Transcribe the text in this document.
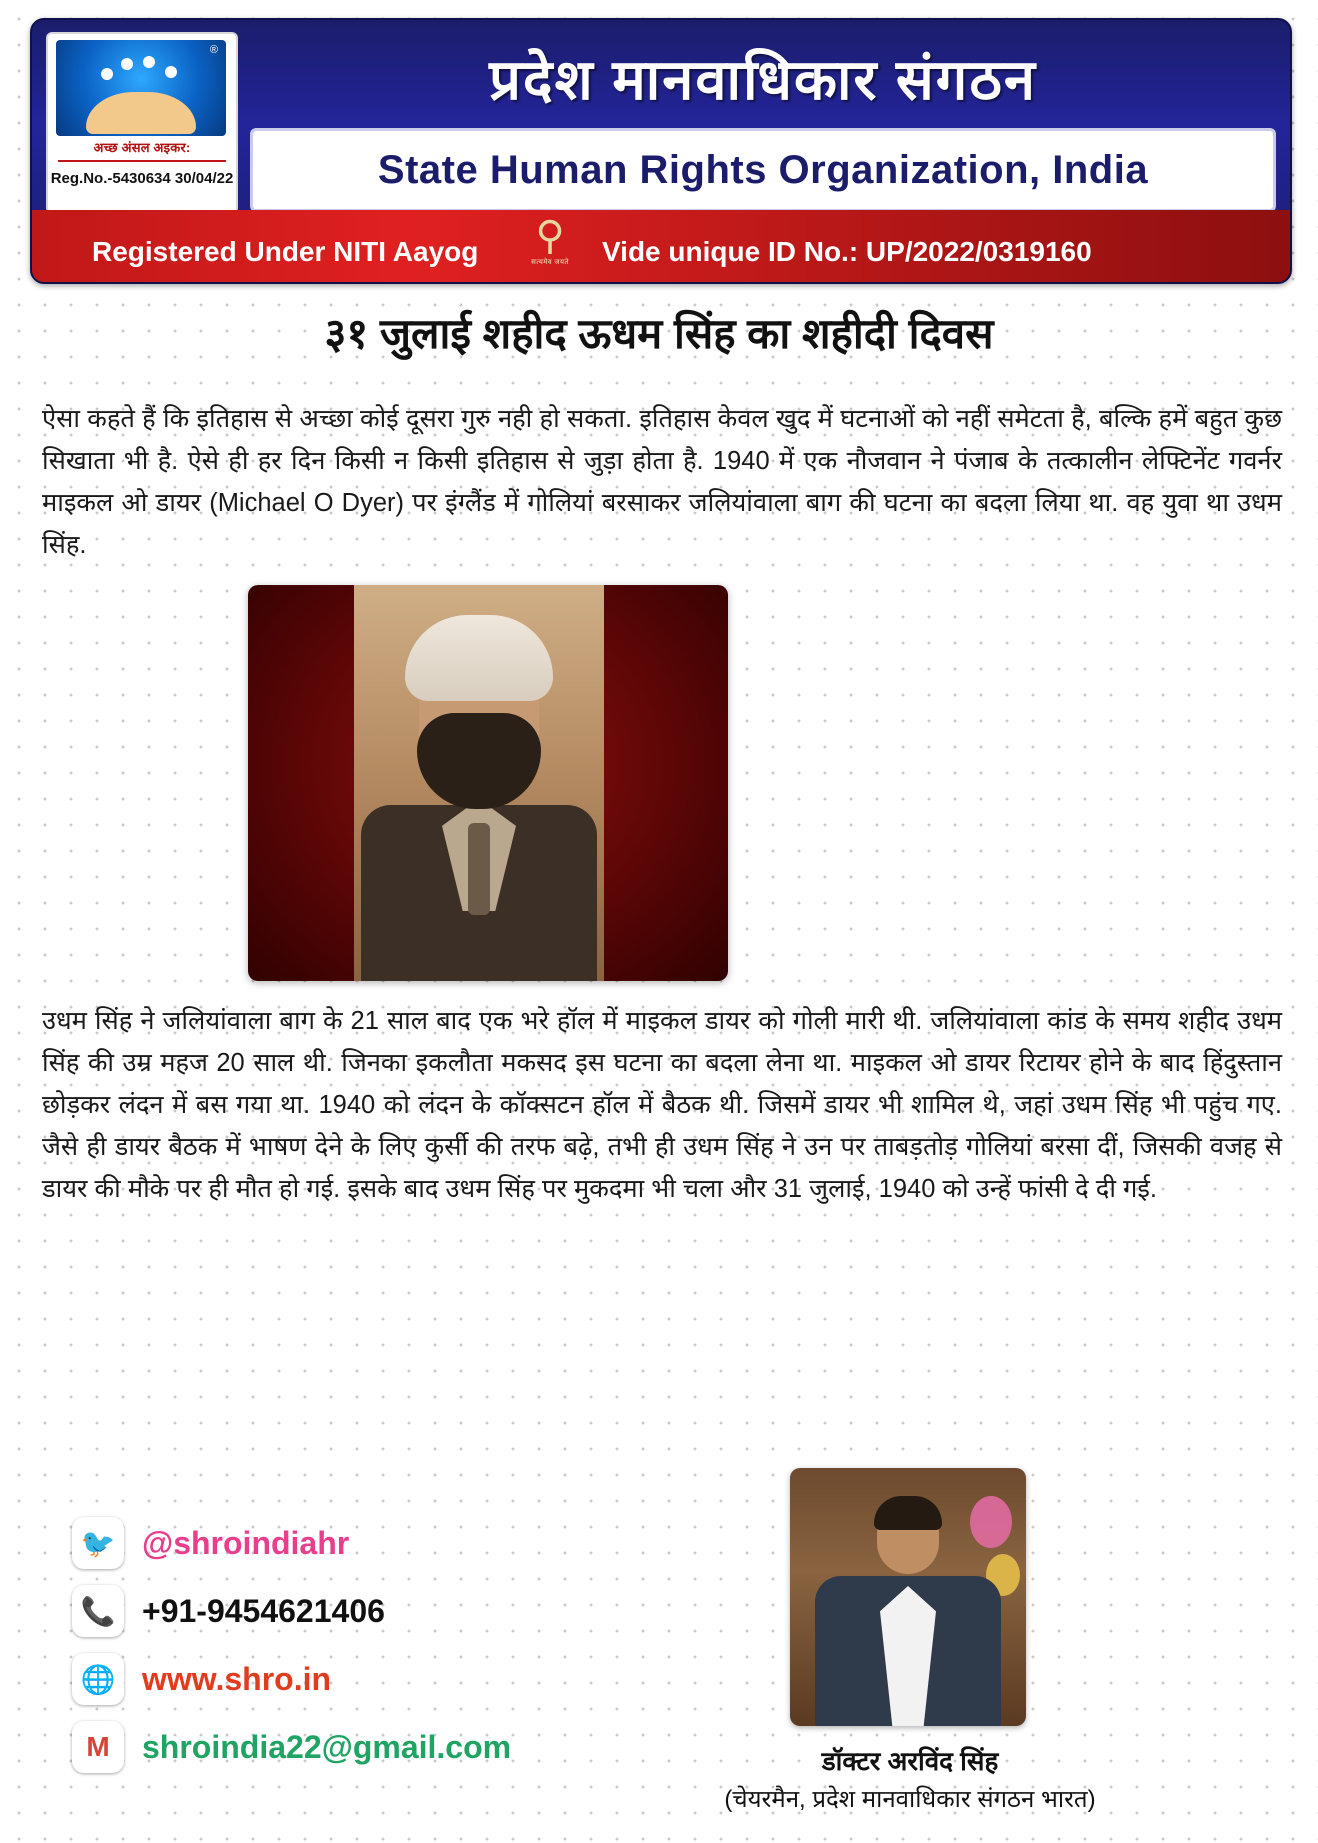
®
अच्छ अंसल अइकर:
Reg.No.-5430634 30/04/22
प्रदेश मानवाधिकार संगठन
State Human Rights Organization, India
Registered Under NITI Aayog	⚲
सत्यमेव जयते	Vide unique ID No.: UP/2022/0319160
३१ जुलाई शहीद ऊधम सिंह का शहीदी दिवस
ऐसा कहते हैं कि इतिहास से अच्छा कोई दूसरा गुरु नही हो सकता. इतिहास केवल खुद में घटनाओं को नहीं समेटता है, बल्कि हमें बहुत कुछ सिखाता भी है. ऐसे ही हर दिन किसी न किसी इतिहास से जुड़ा होता है. 1940 में एक नौजवान ने पंजाब के तत्कालीन लेफ्टिनेंट गवर्नर माइकल ओ डायर (Michael O Dyer) पर इंग्लैंड में गोलियां बरसाकर जलियांवाला बाग की घटना का बदला लिया था. वह युवा था उधम सिंह.
उधम सिंह ने जलियांवाला बाग के 21 साल बाद एक भरे हॉल में माइकल डायर को गोली मारी थी. जलियांवाला कांड के समय शहीद उधम सिंह की उम्र महज 20 साल थी. जिनका इकलौता मकसद इस घटना का बदला लेना था. माइकल ओ डायर रिटायर होने के बाद हिंदुस्तान छोड़कर लंदन में बस गया था. 1940 को लंदन के कॉक्सटन हॉल में बैठक थी. जिसमें डायर भी शामिल थे, जहां उधम सिंह भी पहुंच गए. जैसे ही डायर बैठक में भाषण देने के लिए कुर्सी की तरफ बढ़े, तभी ही उधम सिंह ने उन पर ताबड़तोड़ गोलियां बरसा दीं, जिसकी वजह से डायर की मौके पर ही मौत हो गई. इसके बाद उधम सिंह पर मुकदमा भी चला और 31 जुलाई, 1940 को उन्हें फांसी दे दी गई.
🐦 @shroindiahr
📞 +91-9454621406
🌐 www.shro.in
M	shroindia22@gmail.com	डॉक्टर अरविंद सिंह
(चेयरमैन, प्रदेश मानवाधिकार संगठन भारत)
